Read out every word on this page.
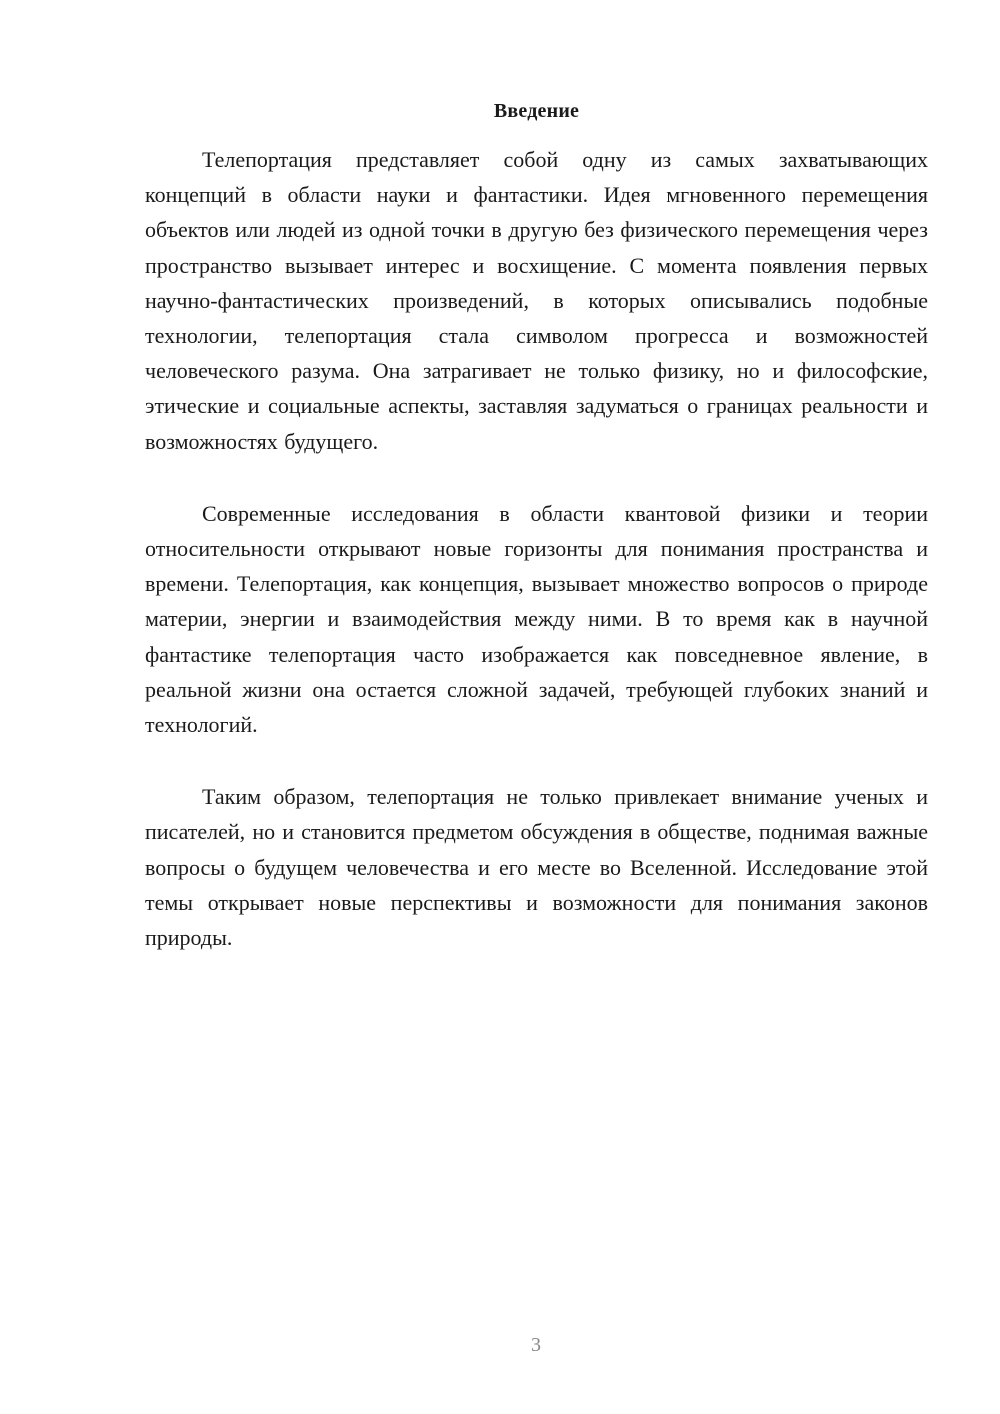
Введение

Телепортация представляет собой одну из самых захватывающих концепций в области науки и фантастики. Идея мгновенного перемещения объектов или людей из одной точки в другую без физического перемещения через пространство вызывает интерес и восхищение. С момента появления первых научно-фантастических произведений, в которых описывались подобные технологии, телепортация стала символом прогресса и возможностей человеческого разума. Она затрагивает не только физику, но и философские, этические и социальные аспекты, заставляя задуматься о границах реальности и возможностях будущего.

Современные исследования в области квантовой физики и теории относительности открывают новые горизонты для понимания пространства и времени. Телепортация, как концепция, вызывает множество вопросов о природе материи, энергии и взаимодействия между ними. В то время как в научной фантастике телепортация часто изображается как повседневное явление, в реальной жизни она остается сложной задачей, требующей глубоких знаний и технологий.

Таким образом, телепортация не только привлекает внимание ученых и писателей, но и становится предметом обсуждения в обществе, поднимая важные вопросы о будущем человечества и его месте во Вселенной. Исследование этой темы открывает новые перспективы и возможности для понимания законов природы.

3
